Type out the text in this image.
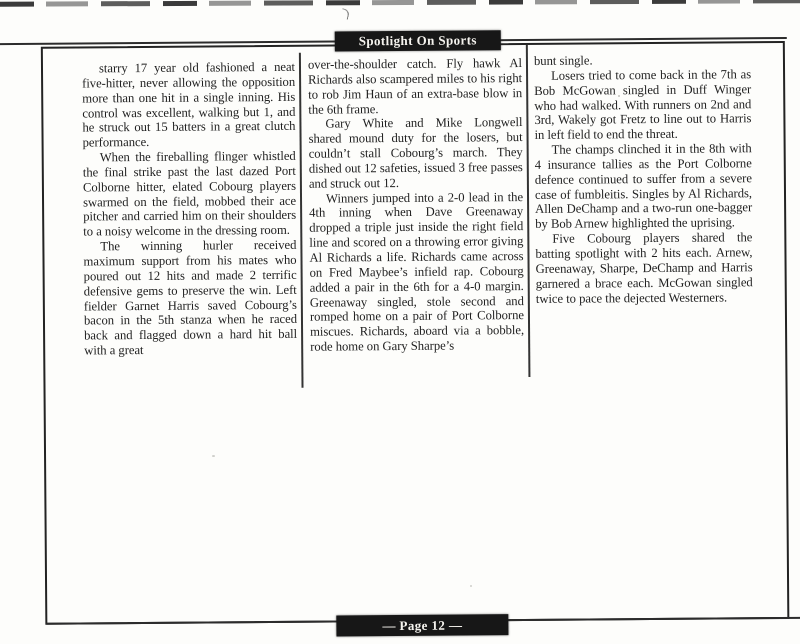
Spotlight On Sports

starry 17 year old fashioned a neat five-hitter, never allowing the opposition more than one hit in a single inning. His control was excellent, walking but 1, and he struck out 15 batters in a great clutch performance.

When the fireballing flinger whistled the final strike past the last dazed Port Colborne hitter, elated Cobourg players swarmed on the field, mobbed their ace pitcher and carried him on their shoulders to a noisy welcome in the dressing room.

The winning hurler received maximum support from his mates who poured out 12 hits and made 2 terrific defensive gems to preserve the win. Left fielder Garnet Harris saved Cobourg’s bacon in the 5th stanza when he raced back and flagged down a hard hit ball with a great

over-the-shoulder catch. Fly hawk Al Richards also scampered miles to his right to rob Jim Haun of an extra-base blow in the 6th frame.

Gary White and Mike Longwell shared mound duty for the losers, but couldn’t stall Cobourg’s march. They dished out 12 safeties, issued 3 free passes and struck out 12.

Winners jumped into a 2-0 lead in the 4th inning when Dave Greenaway dropped a triple just inside the right field line and scored on a throwing error giving Al Richards a life. Richards came across on Fred Maybee’s infield rap. Cobourg added a pair in the 6th for a 4-0 margin. Greenaway singled, stole second and romped home on a pair of Port Colborne miscues. Richards, aboard via a bobble, rode home on Gary Sharpe’s

bunt single.

Losers tried to come back in the 7th as Bob McGowan singled in Duff Winger who had walked. With runners on 2nd and 3rd, Wakely got Fretz to line out to Harris in left field to end the threat.

The champs clinched it in the 8th with 4 insurance tallies as the Port Colborne defence continued to suffer from a severe case of fumbleitis. Singles by Al Richards, Allen DeChamp and a two-run one-bagger by Bob Arnew highlighted the uprising.

Five Cobourg players shared the batting spotlight with 2 hits each. Arnew, Greenaway, Sharpe, DeChamp and Harris garnered a brace each. McGowan singled twice to pace the dejected Westerners.

— Page 12 —
